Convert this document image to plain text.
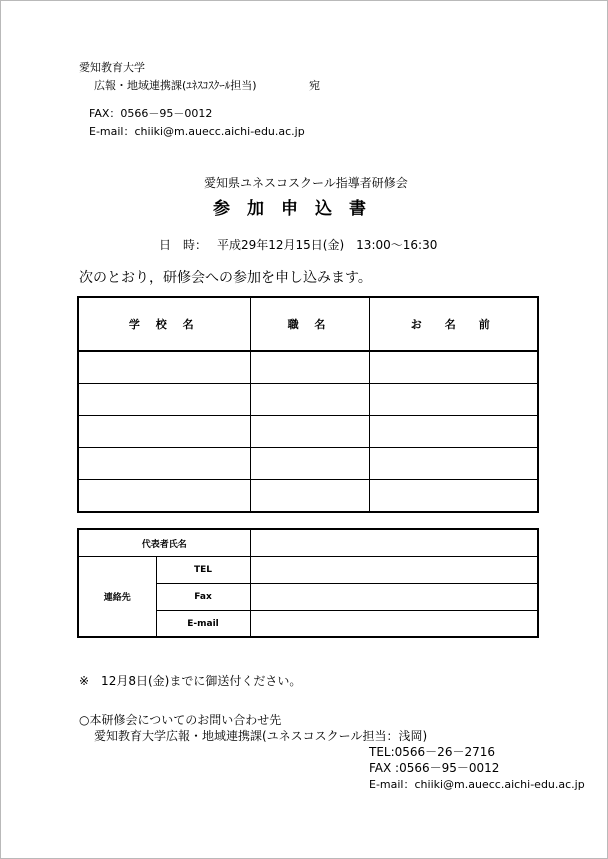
愛知教育大学
広報・地域連携課(ﾕﾈｽｺｽｸｰﾙ担当)	宛
FAX：0566－95－0012
E-mail：chiiki@m.auecc.aichi-edu.ac.jp
愛知県ユネスコスクール指導者研修会
参　加　申　込　書
日　時： 平成29年12月15日(金)　13:00～16:30
次のとおり，研修会への参加を申し込みます。
学 校 名	職 名	お　名　前

代表者氏名		
連絡先	TEL	
	Fax	
	E-mail	
※　12月8日(金)までに御送付ください。
○本研修会についてのお問い合わせ先
愛知教育大学広報・地域連携課(ユネスコスクール担当：浅岡)
TEL:0566－26－2716
FAX :0566－95－0012
E-mail：chiiki@m.auecc.aichi-edu.ac.jp
